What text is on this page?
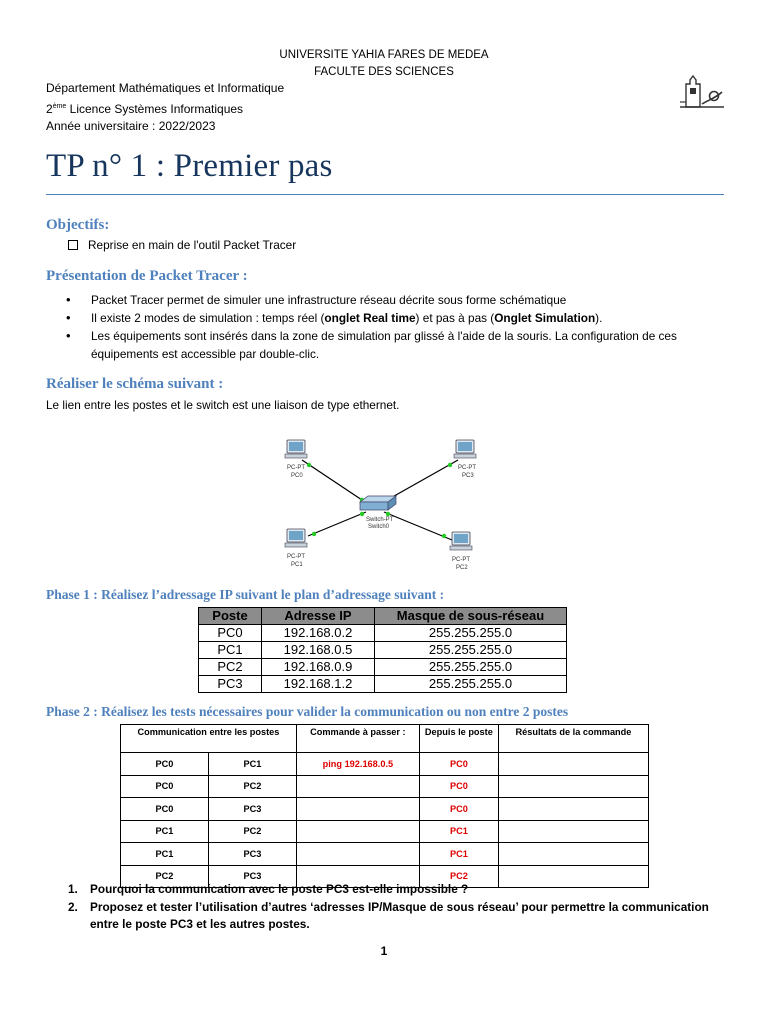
UNIVERSITE YAHIA FARES DE MEDEA
FACULTE DES SCIENCES
Département Mathématiques et Informatique
2ème Licence Systèmes Informatiques
Année universitaire : 2022/2023
TP n° 1 : Premier pas
Objectifs:
Reprise en main de l'outil Packet Tracer
Présentation de Packet Tracer :
• Packet Tracer permet de simuler une infrastructure réseau décrite sous forme schématique
• Il existe 2 modes de simulation : temps réel (onglet Real time) et pas à pas (Onglet Simulation).
• Les équipements sont insérés dans la zone de simulation par glissé à l'aide de la souris. La configuration de ces équipements est accessible par double-clic.
Réaliser le schéma suivant :
Le lien entre les postes et le switch est une liaison de type ethernet.
PC-PT
PC0
PC-PT
PC3
Switch-PT
Switch0
PC-PT
PC1
PC-PT
PC2
Phase 1 : Réalisez l’adressage IP suivant le plan d’adressage suivant :
Poste	Adresse IP	Masque de sous-réseau
PC0	192.168.0.2	255.255.255.0
PC1	192.168.0.5	255.255.255.0
PC2	192.168.0.9	255.255.255.0
PC3	192.168.1.2	255.255.255.0
Phase 2 : Réalisez les tests nécessaires pour valider la communication ou non entre 2 postes
Communication entre les postes		Commande à passer :	Depuis le poste	Résultats de la commande
PC0	PC1	ping 192.168.0.5	PC0	
PC0	PC2		PC0	
PC0	PC3		PC0	
PC1	PC2		PC1	
PC1	PC3		PC1	
PC2	PC3		PC2	
1. Pourquoi la communication avec le poste PC3 est-elle impossible ?
2. Proposez et tester l’utilisation d’autres ‘adresses IP/Masque de sous réseau’ pour permettre la communication entre le poste PC3 et les autres postes.
1
